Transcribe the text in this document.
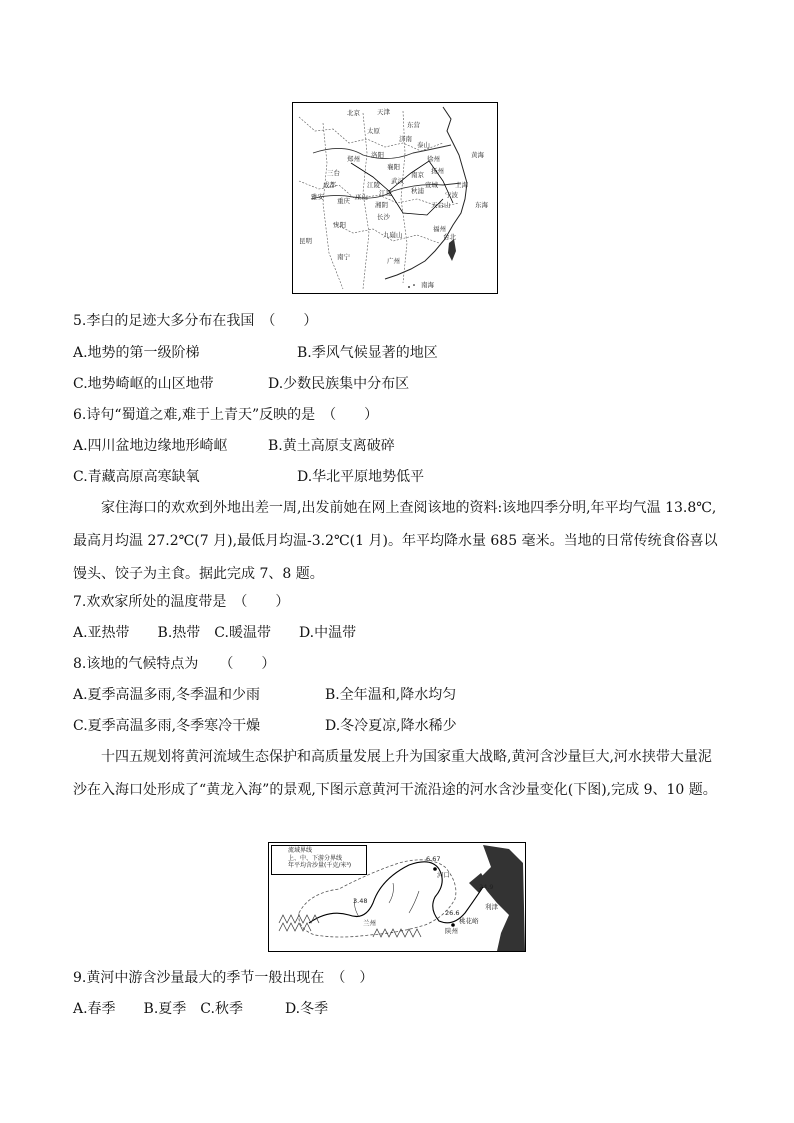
天津
北京
东营
太原
济南
泰山
郑州	徐州
洛阳
襄阳
南京 扬州
上海
三台
成都	江陵 武汉
江夏	秋浦
宣城
雅安 重庆 巫山
湘阴
长沙
天台山
宁波
黄海
东海
昆明
贵阳
九嶷山
南宁	广州
福州
台北
南海
5.李白的足迹大多分布在我国　（　　）
A.地势的第一级阶梯	B.季风气候显著的地区
C.地势崎岖的山区地带	D.少数民族集中分布区
6.诗句“蜀道之难,难于上青天”反映的是　（　　）
A.四川盆地边缘地形崎岖	B.黄土高原支离破碎
C.青藏高原高寒缺氧	D.华北平原地势低平
家住海口的欢欢到外地出差一周,出发前她在网上查阅该地的资料:该地四季分明,年平均气温 13.8℃,最高月均温 27.2℃(7 月),最低月均温-3.2℃(1 月)。年平均降水量 685 毫米。当地的日常传统食俗喜以馒头、饺子为主食。据此完成 7、8 题。
7.欢欢家所处的温度带是　（　　）
A.亚热带　　B.热带　C.暖温带　　D.中温带
8.该地的气候特点为　　（　　）
A.夏季高温多雨,冬季温和少雨	B.全年温和,降水均匀
C.夏季高温多雨,冬季寒冷干燥	D.冬冷夏凉,降水稀少
十四五规划将黄河流域生态保护和高质量发展上升为国家重大战略,黄河含沙量巨大,河水挟带大量泥沙在入海口处形成了“黄龙入海”的景观,下图示意黄河干流沿途的河水含沙量变化(下图),完成 9、10 题。
6.67
24.9
3.48
26.6
河口
兰州	桃花峪
陕州
利津
流域界线
上、中、下游分界线
年平均含沙量(千克/米³)
9.黄河中游含沙量最大的季节一般出现在　（　）
A.春季　　B.夏季　C.秋季　　　D.冬季
